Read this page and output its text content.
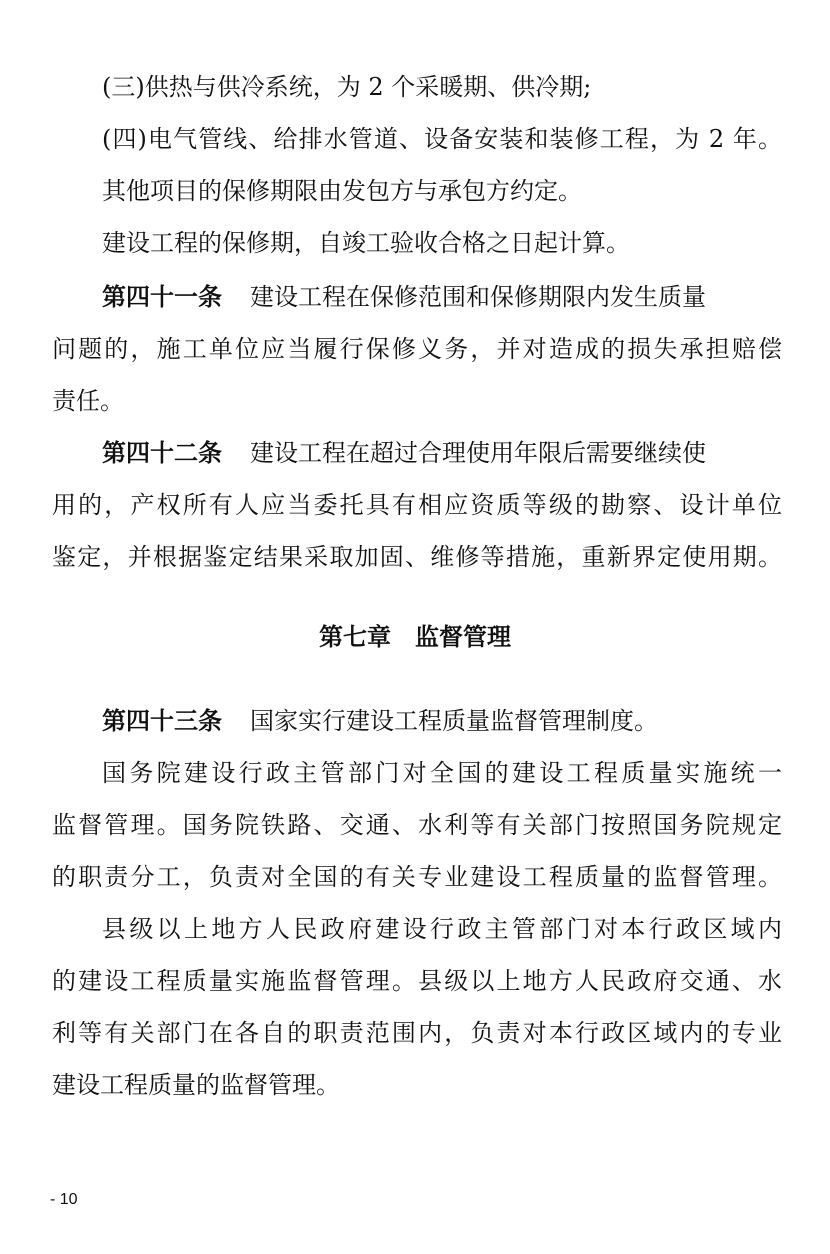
(三)供热与供冷系统，为 2 个采暖期、供冷期;
(四)电气管线、给排水管道、设备安装和装修工程，为 2 年。
其他项目的保修期限由发包方与承包方约定。
建设工程的保修期，自竣工验收合格之日起计算。
第四十一条 建设工程在保修范围和保修期限内发生质量
问题的，施工单位应当履行保修义务，并对造成的损失承担赔偿
责任。
第四十二条 建设工程在超过合理使用年限后需要继续使
用的，产权所有人应当委托具有相应资质等级的勘察、设计单位
鉴定，并根据鉴定结果采取加固、维修等措施，重新界定使用期。
第七章　监督管理
第四十三条 国家实行建设工程质量监督管理制度。
国务院建设行政主管部门对全国的建设工程质量实施统一
监督管理。国务院铁路、交通、水利等有关部门按照国务院规定
的职责分工，负责对全国的有关专业建设工程质量的监督管理。
县级以上地方人民政府建设行政主管部门对本行政区域内
的建设工程质量实施监督管理。县级以上地方人民政府交通、水
利等有关部门在各自的职责范围内，负责对本行政区域内的专业
建设工程质量的监督管理。
- 10
